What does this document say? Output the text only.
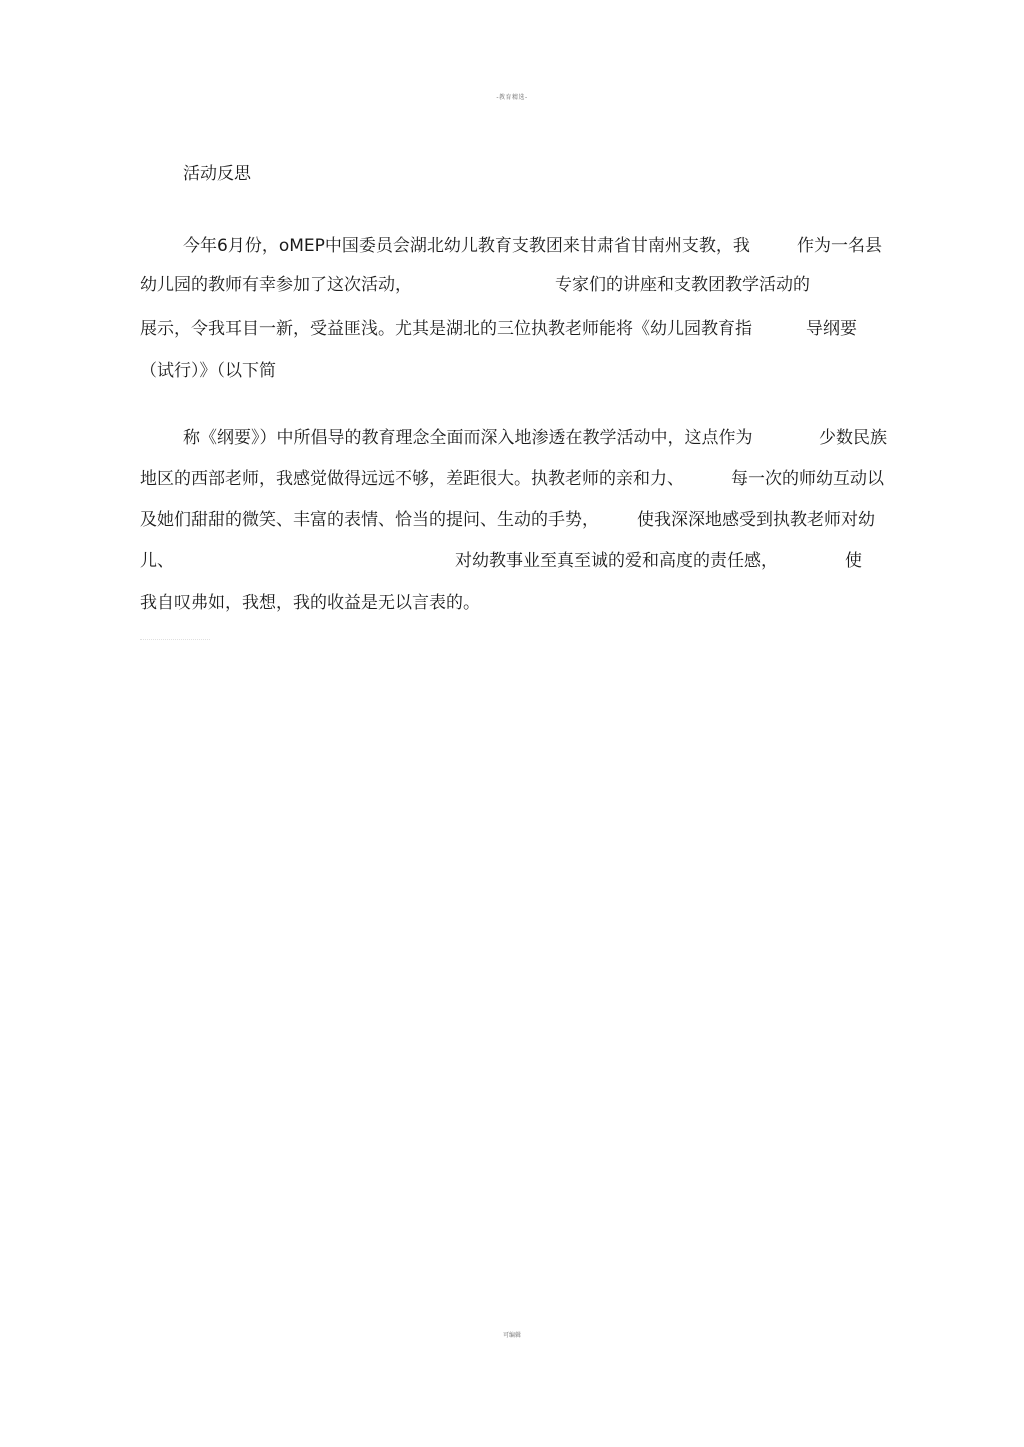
-教育精选-
活动反思
今年6月份，oMEP中国委员会湖北幼儿教育支教团来甘肃省甘南州支教，我	作为一名县
幼儿园的教师有幸参加了这次活动，	专家们的讲座和支教团教学活动的
展示，令我耳目一新，受益匪浅。尤其是湖北的三位执教老师能将《幼儿园教育指	导纲要
（试行）》（以下简
称《纲要》）中所倡导的教育理念全面而深入地渗透在教学活动中，这点作为	少数民族
地区的西部老师，我感觉做得远远不够，差距很大。执教老师的亲和力、	每一次的师幼互动以
及她们甜甜的微笑、丰富的表情、恰当的提问、生动的手势， 使我深深地感受到执教老师对幼
儿、	对幼教事业至真至诚的爱和高度的责任感，	使
我自叹弗如，我想，我的收益是无以言表的。
可编辑
